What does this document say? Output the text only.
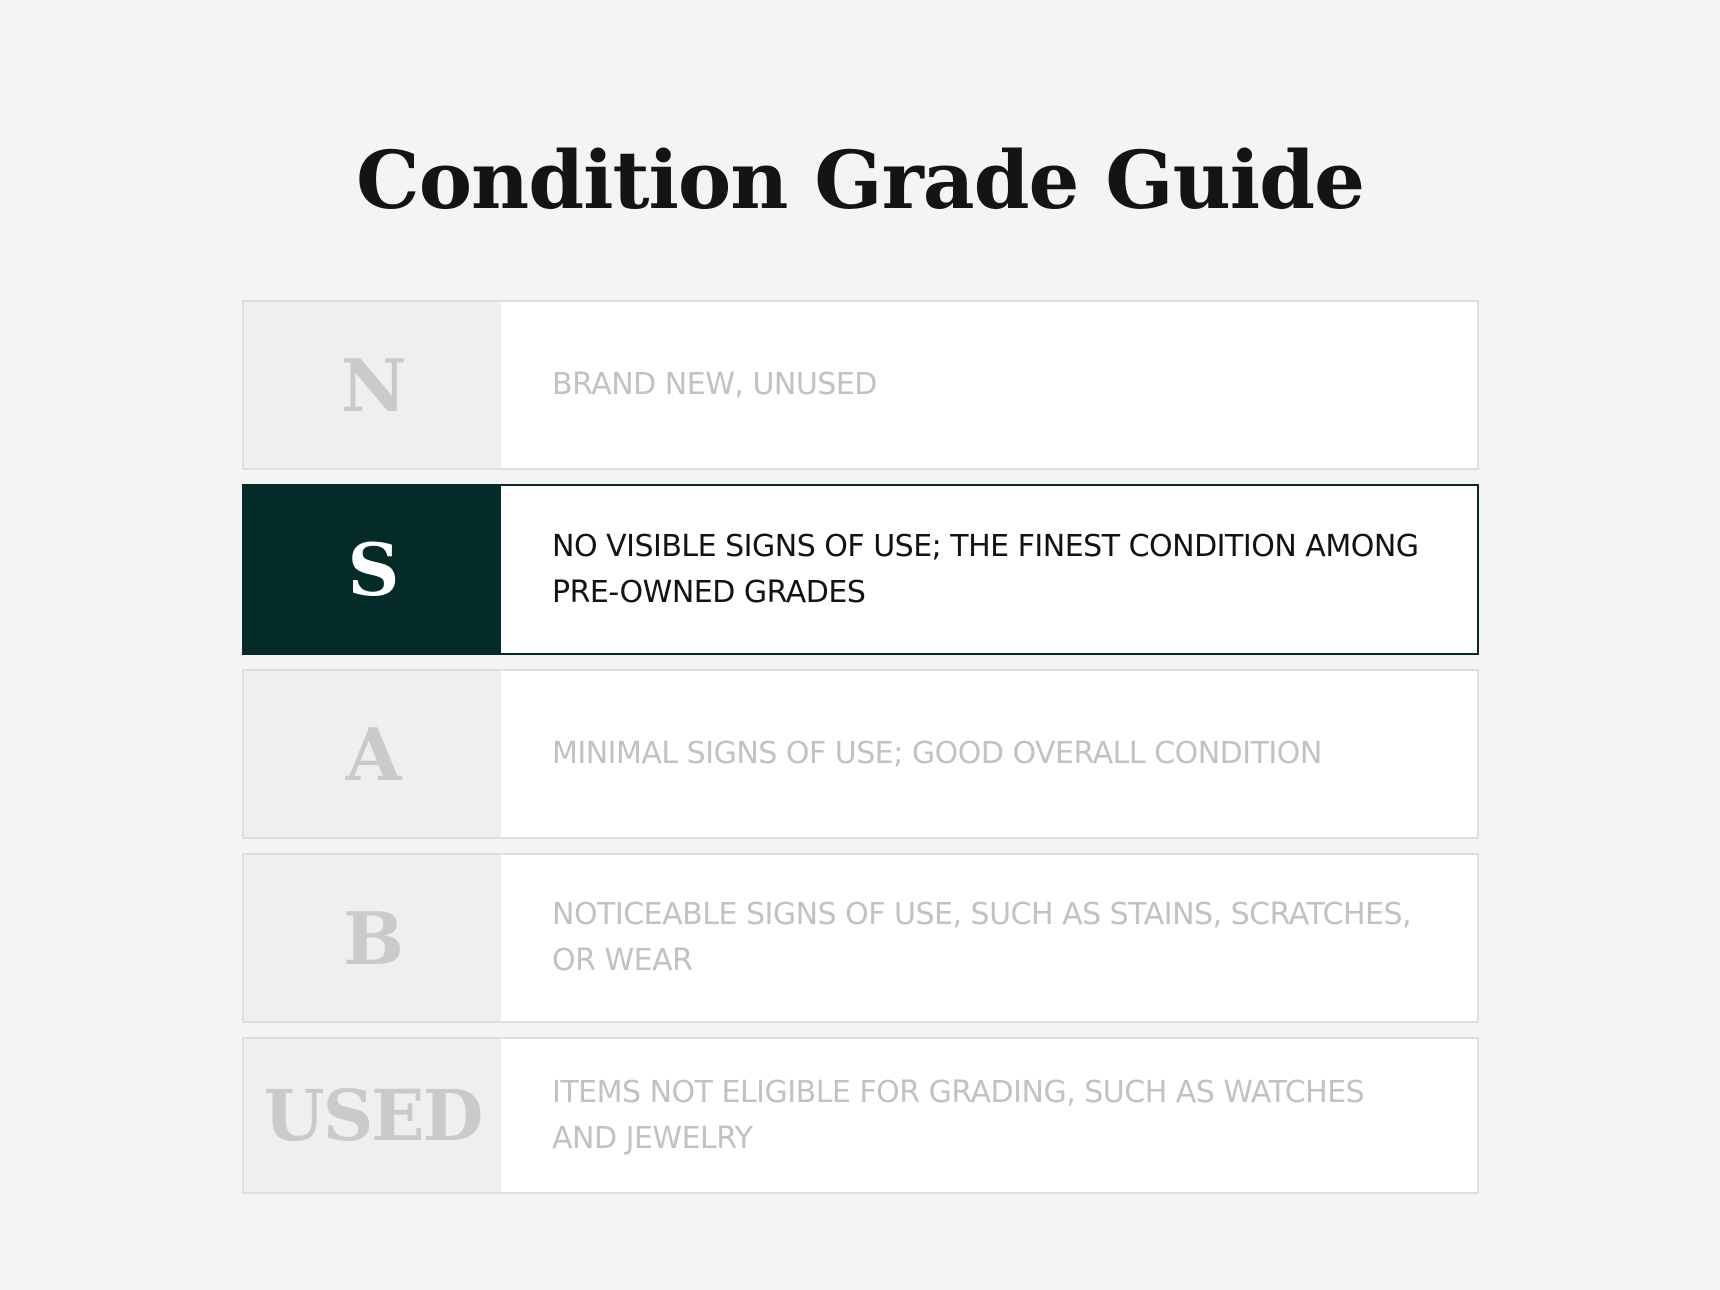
Condition Grade Guide
N	BRAND NEW, UNUSED
S	NO VISIBLE SIGNS OF USE; THE FINEST CONDITION AMONG PRE-OWNED GRADES
A	MINIMAL SIGNS OF USE; GOOD OVERALL CONDITION
B	NOTICEABLE SIGNS OF USE, SUCH AS STAINS, SCRATCHES, OR WEAR
USED	ITEMS NOT ELIGIBLE FOR GRADING, SUCH AS WATCHES AND JEWELRY
